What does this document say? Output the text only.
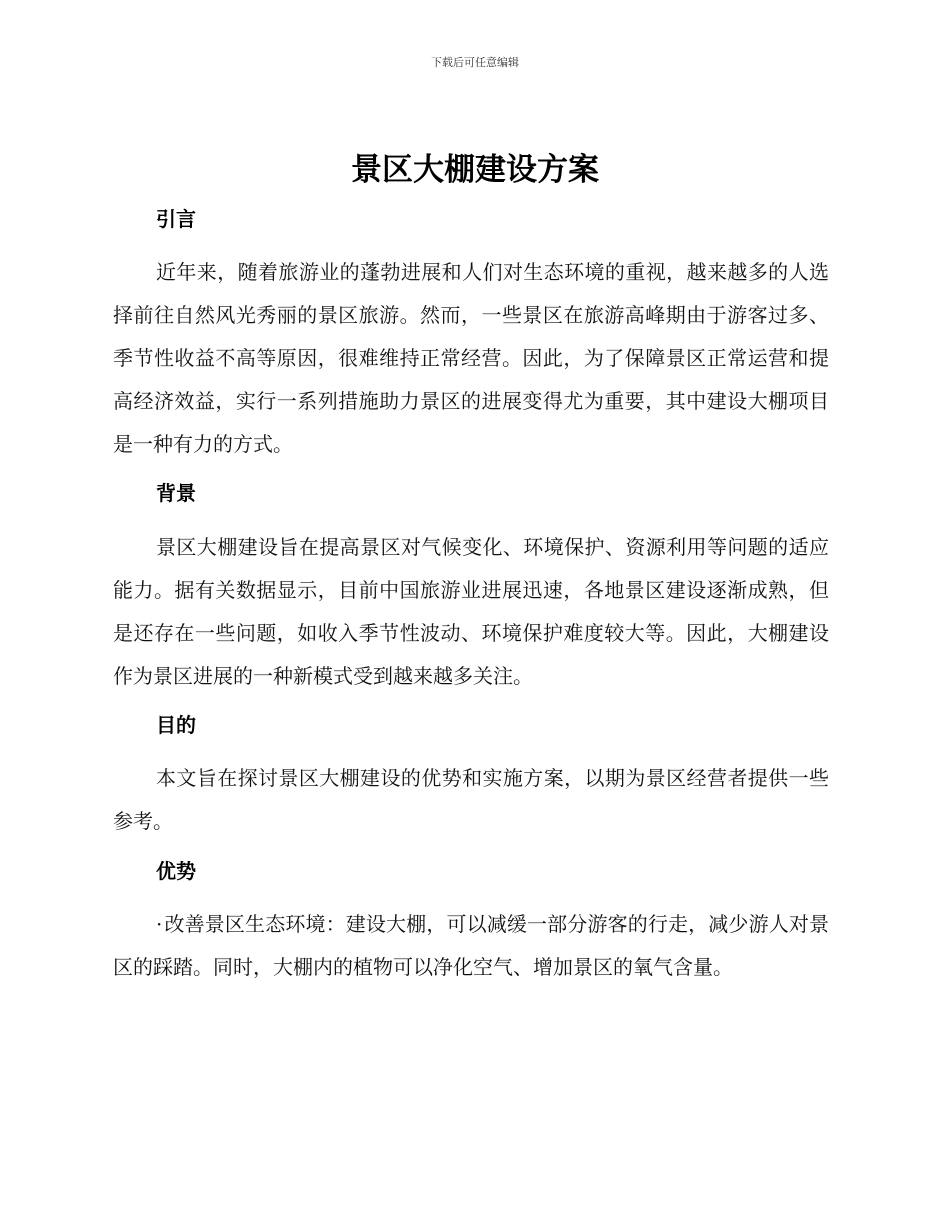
下载后可任意编辑
景区大棚建设方案
引言

近年来，随着旅游业的蓬勃进展和人们对生态环境的重视，越来越多的人选择前往自然风光秀丽的景区旅游。然而，一些景区在旅游高峰期由于游客过多、季节性收益不高等原因，很难维持正常经营。因此，为了保障景区正常运营和提高经济效益，实行一系列措施助力景区的进展变得尤为重要，其中建设大棚项目是一种有力的方式。

背景

景区大棚建设旨在提高景区对气候变化、环境保护、资源利用等问题的适应能力。据有关数据显示，目前中国旅游业进展迅速，各地景区建设逐渐成熟，但是还存在一些问题，如收入季节性波动、环境保护难度较大等。因此，大棚建设作为景区进展的一种新模式受到越来越多关注。

目的

本文旨在探讨景区大棚建设的优势和实施方案，以期为景区经营者提供一些参考。

优势

· 改善景区生态环境：建设大棚，可以减缓一部分游客的行走，减少游人对景区的踩踏。同时，大棚内的植物可以净化空气、增加景区的氧气含量。
